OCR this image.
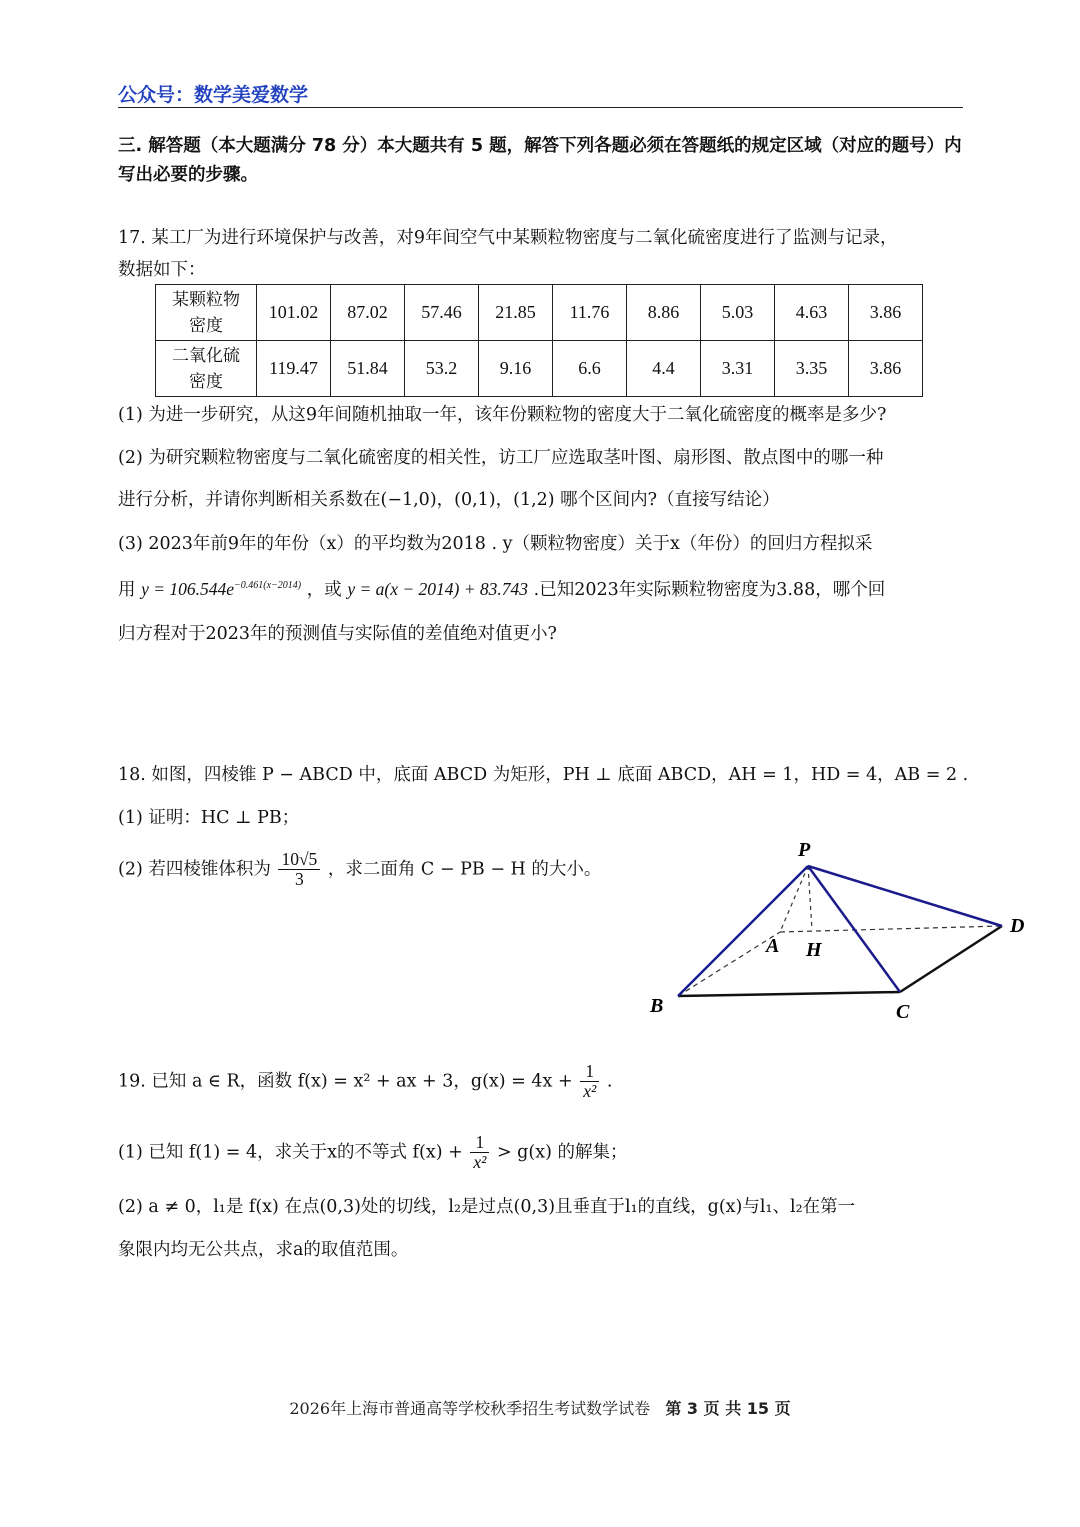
公众号：数学美爱数学
三. 解答题（本大题满分 78 分）本大题共有 5 题，解答下列各题必须在答题纸的规定区域（对应的题号）内写出必要的步骤。
17. 某工厂为进行环境保护与改善，对9年间空气中某颗粒物密度与二氧化硫密度进行了监测与记录，
数据如下：
某颗粒物
密度	101.02	87.02	57.46	21.85	11.76	8.86	5.03	4.63	3.86
二氧化硫
密度	119.47	51.84	53.2	9.16	6.6	4.4	3.31	3.35	3.86
(1) 为进一步研究，从这9年间随机抽取一年，该年份颗粒物的密度大于二氧化硫密度的概率是多少?
(2) 为研究颗粒物密度与二氧化硫密度的相关性，访工厂应选取茎叶图、扇形图、散点图中的哪一种
进行分析，并请你判断相关系数在(−1,0)，(0,1)，(1,2) 哪个区间内?（直接写结论）
(3) 2023年前9年的年份（x）的平均数为2018 . y（颗粒物密度）关于x（年份）的回归方程拟采
用 $y = 106.544e^{-0.461(x-2014)}$ ，或 y = a(x − 2014) + 83.743 .已知2023年实际颗粒物密度为3.88，哪个回
归方程对于2023年的预测值与实际值的差值绝对值更小?
18. 如图，四棱锥 P − ABCD 中，底面 ABCD 为矩形，PH ⊥ 底面 ABCD，AH = 1，HD = 4，AB = 2 .
(1) 证明：HC ⊥ PB；
(2) 若四棱锥体积为 $\frac{10√5}{3}$ ，求二面角 C − PB − H 的大小。
P
A H
D
B	C
19. 已知 a ∈ R，函数 f(x) = x² + ax + 3，$g(x) = 4x + \frac{1}{\text{x²}}$ .
(1) 已知 f(1) = 4，求关于x的不等式 $f(x) + \frac{1}{\text{x²}} > g(x)$ 的解集；
(2) a ≠ 0，l₁是 f(x) 在点(0,3)处的切线，l₂是过点(0,3)且垂直于l₁的直线，g(x)与l₁、l₂在第一
象限内均无公共点，求a的取值范围。
2026年上海市普通高等学校秋季招生考试数学试卷 第 3 页 共 15 页
